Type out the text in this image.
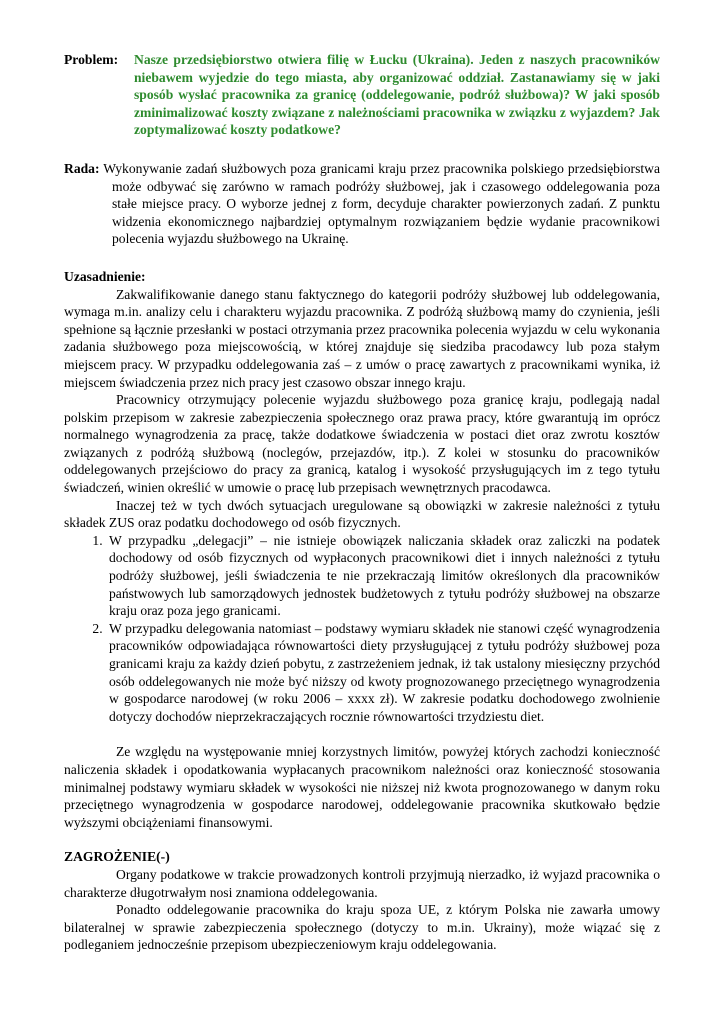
Problem:	Nasze przedsiębiorstwo otwiera filię w Łucku (Ukraina). Jeden z naszych pracowników niebawem wyjedzie do tego miasta, aby organizować oddział. Zastanawiamy się w jaki sposób wysłać pracownika za granicę (oddelegowanie, podróż służbowa)? W jaki sposób zminimalizować koszty związane z należnościami pracownika w związku z wyjazdem? Jak zoptymalizować koszty podatkowe?

Rada: Wykonywanie zadań służbowych poza granicami kraju przez pracownika polskiego przedsiębiorstwa może odbywać się zarówno w ramach podróży służbowej, jak i czasowego oddelegowania poza stałe miejsce pracy. O wyborze jednej z form, decyduje charakter powierzonych zadań. Z punktu widzenia ekonomicznego najbardziej optymalnym rozwiązaniem będzie wydanie pracownikowi polecenia wyjazdu służbowego na Ukrainę.

Uzasadnienie:

Zakwalifikowanie danego stanu faktycznego do kategorii podróży służbowej lub oddelegowania, wymaga m.in. analizy celu i charakteru wyjazdu pracownika. Z podróżą służbową mamy do czynienia, jeśli spełnione są łącznie przesłanki w postaci otrzymania przez pracownika polecenia wyjazdu w celu wykonania zadania służbowego poza miejscowością, w której znajduje się siedziba pracodawcy lub poza stałym miejscem pracy. W przypadku oddelegowania zaś – z umów o pracę zawartych z pracownikami wynika, iż miejscem świadczenia przez nich pracy jest czasowo obszar innego kraju.

Pracownicy otrzymujący polecenie wyjazdu służbowego poza granicę kraju, podlegają nadal polskim przepisom w zakresie zabezpieczenia społecznego oraz prawa pracy, które gwarantują im oprócz normalnego wynagrodzenia za pracę, także dodatkowe świadczenia w postaci diet oraz zwrotu kosztów związanych z podróżą służbową (noclegów, przejazdów, itp.). Z kolei w stosunku do pracowników oddelegowanych przejściowo do pracy za granicą, katalog i wysokość przysługujących im z tego tytułu świadczeń, winien określić w umowie o pracę lub przepisach wewnętrznych pracodawca.

Inaczej też w tych dwóch sytuacjach uregulowane są obowiązki w zakresie należności z tytułu składek ZUS oraz podatku dochodowego od osób fizycznych.

1. W przypadku „delegacji” – nie istnieje obowiązek naliczania składek oraz zaliczki na podatek dochodowy od osób fizycznych od wypłaconych pracownikowi diet i innych należności z tytułu podróży służbowej, jeśli świadczenia te nie przekraczają limitów określonych dla pracowników państwowych lub samorządowych jednostek budżetowych z tytułu podróży służbowej na obszarze kraju oraz poza jego granicami.
2. W przypadku delegowania natomiast – podstawy wymiaru składek nie stanowi część wynagrodzenia pracowników odpowiadająca równowartości diety przysługującej z tytułu podróży służbowej poza granicami kraju za każdy dzień pobytu, z zastrzeżeniem jednak, iż tak ustalony miesięczny przychód osób oddelegowanych nie może być niższy od kwoty prognozowanego przeciętnego wynagrodzenia w gospodarce narodowej (w roku 2006 – xxxx zł). W zakresie podatku dochodowego zwolnienie dotyczy dochodów nieprzekraczających rocznie równowartości trzydziestu diet.

Ze względu na występowanie mniej korzystnych limitów, powyżej których zachodzi konieczność naliczenia składek i opodatkowania wypłacanych pracownikom należności oraz konieczność stosowania minimalnej podstawy wymiaru składek w wysokości nie niższej niż kwota prognozowanego w danym roku przeciętnego wynagrodzenia w gospodarce narodowej, oddelegowanie pracownika skutkowało będzie wyższymi obciążeniami finansowymi.

ZAGROŻENIE(-)

Organy podatkowe w trakcie prowadzonych kontroli przyjmują nierzadko, iż wyjazd pracownika o charakterze długotrwałym nosi znamiona oddelegowania.

Ponadto oddelegowanie pracownika do kraju spoza UE, z którym Polska nie zawarła umowy bilateralnej w sprawie zabezpieczenia społecznego (dotyczy to m.in. Ukrainy), może wiązać się z podleganiem jednocześnie przepisom ubezpieczeniowym kraju oddelegowania.
